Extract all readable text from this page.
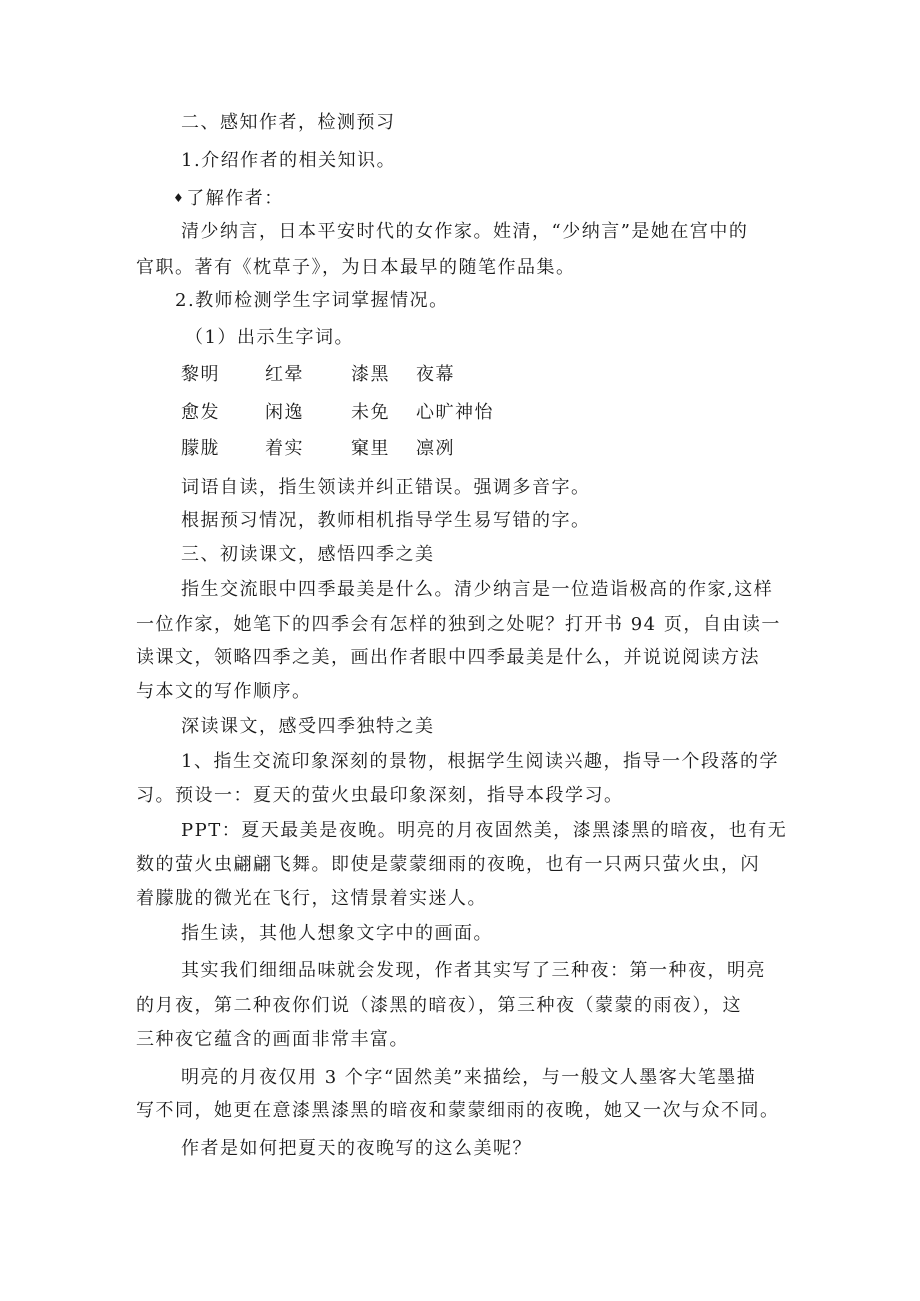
二、感知作者，检测预习
1.介绍作者的相关知识。
♦了解作者：
清少纳言，日本平安时代的女作家。姓清，“少纳言”是她在宫中的
官职。著有《枕草子》，为日本最早的随笔作品集。
2.教师检测学生字词掌握情况。
（1）出示生字词。
黎明	红晕	漆黑 夜幕
愈发	闲逸	未免 心旷神怡
朦胧	着实	窠里 凛冽
词语自读，指生领读并纠正错误。强调多音字。
根据预习情况，教师相机指导学生易写错的字。
三、初读课文，感悟四季之美
指生交流眼中四季最美是什么。清少纳言是一位造诣极高的作家,这样
一位作家，她笔下的四季会有怎样的独到之处呢？打开书 94 页，自由读一
读课文，领略四季之美，画出作者眼中四季最美是什么，并说说阅读方法
与本文的写作顺序。
深读课文，感受四季独特之美
1、指生交流印象深刻的景物，根据学生阅读兴趣，指导一个段落的学
习。预设一：夏天的萤火虫最印象深刻，指导本段学习。
PPT：夏天最美是夜晚。明亮的月夜固然美，漆黑漆黑的暗夜，也有无
数的萤火虫翩翩飞舞。即使是蒙蒙细雨的夜晚，也有一只两只萤火虫，闪
着朦胧的微光在飞行，这情景着实迷人。
指生读，其他人想象文字中的画面。
其实我们细细品味就会发现，作者其实写了三种夜：第一种夜，明亮
的月夜，第二种夜你们说（漆黑的暗夜），第三种夜（蒙蒙的雨夜），这
三种夜它蕴含的画面非常丰富。
明亮的月夜仅用 3 个字“固然美”来描绘，与一般文人墨客大笔墨描
写不同，她更在意漆黑漆黑的暗夜和蒙蒙细雨的夜晚，她又一次与众不同。
作者是如何把夏天的夜晚写的这么美呢？
